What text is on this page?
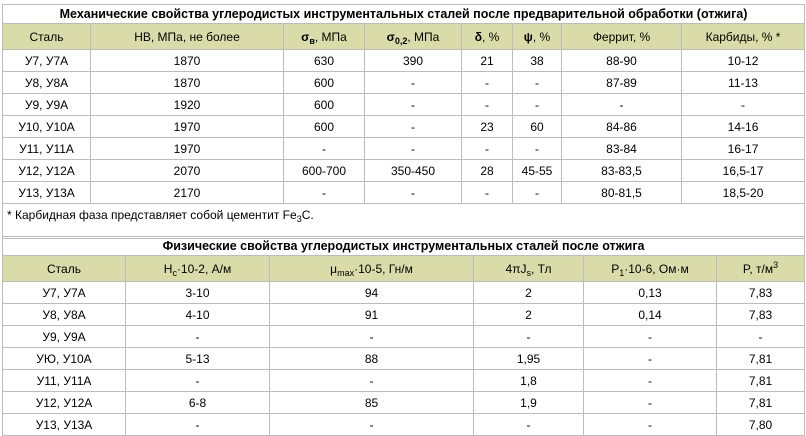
Механические свойства углеродистых инструментальных сталей после предварительной обработки (отжига)							
Сталь	HB, МПа, не более	$\sigma_в$, МПа	$\sigma_{0,2}$, МПа	δ, %	ψ, %	Феррит, %	Карбиды, % *
У7, У7А	1870	630	390	21	38	88-90	10-12
У8, У8А	1870	600	-	-	-	87-89	11-13
У9, У9А	1920	600	-	-	-	-	-
У10, У10А	1970	600	-	23	60	84-86	14-16
У11, У11А	1970	-	-	-	-	83-84	16-17
У12, У12А	2070	600-700	350-450	28	45-55	83-83,5	16,5-17
У13, У13А	2170	-	-	-	-	80-81,5	18,5-20
* Карбидная фаза представляет собой цементит $Fe_3C$.							
Физические свойства углеродистых инструментальных сталей после отжига					
Сталь	$H_c\cdot 10-2$, А/м	$\mu_{max}\cdot 10-5$, Гн/м	$4\pi J_s$, Тл	$P_1\cdot 10-6$, Ом·м	P, $т/м^3$
У7, У7А	3-10	94	2	0,13	7,83
У8, У8А	4-10	91	2	0,14	7,83
У9, У9А	-	-	-	-	-
УЮ, У10А	5-13	88	1,95	-	7,81
У11, У11А	-	-	1,8	-	7,81
У12, У12А	6-8	85	1,9	-	7,81
У13, У13А	-	-	-	-	7,80
